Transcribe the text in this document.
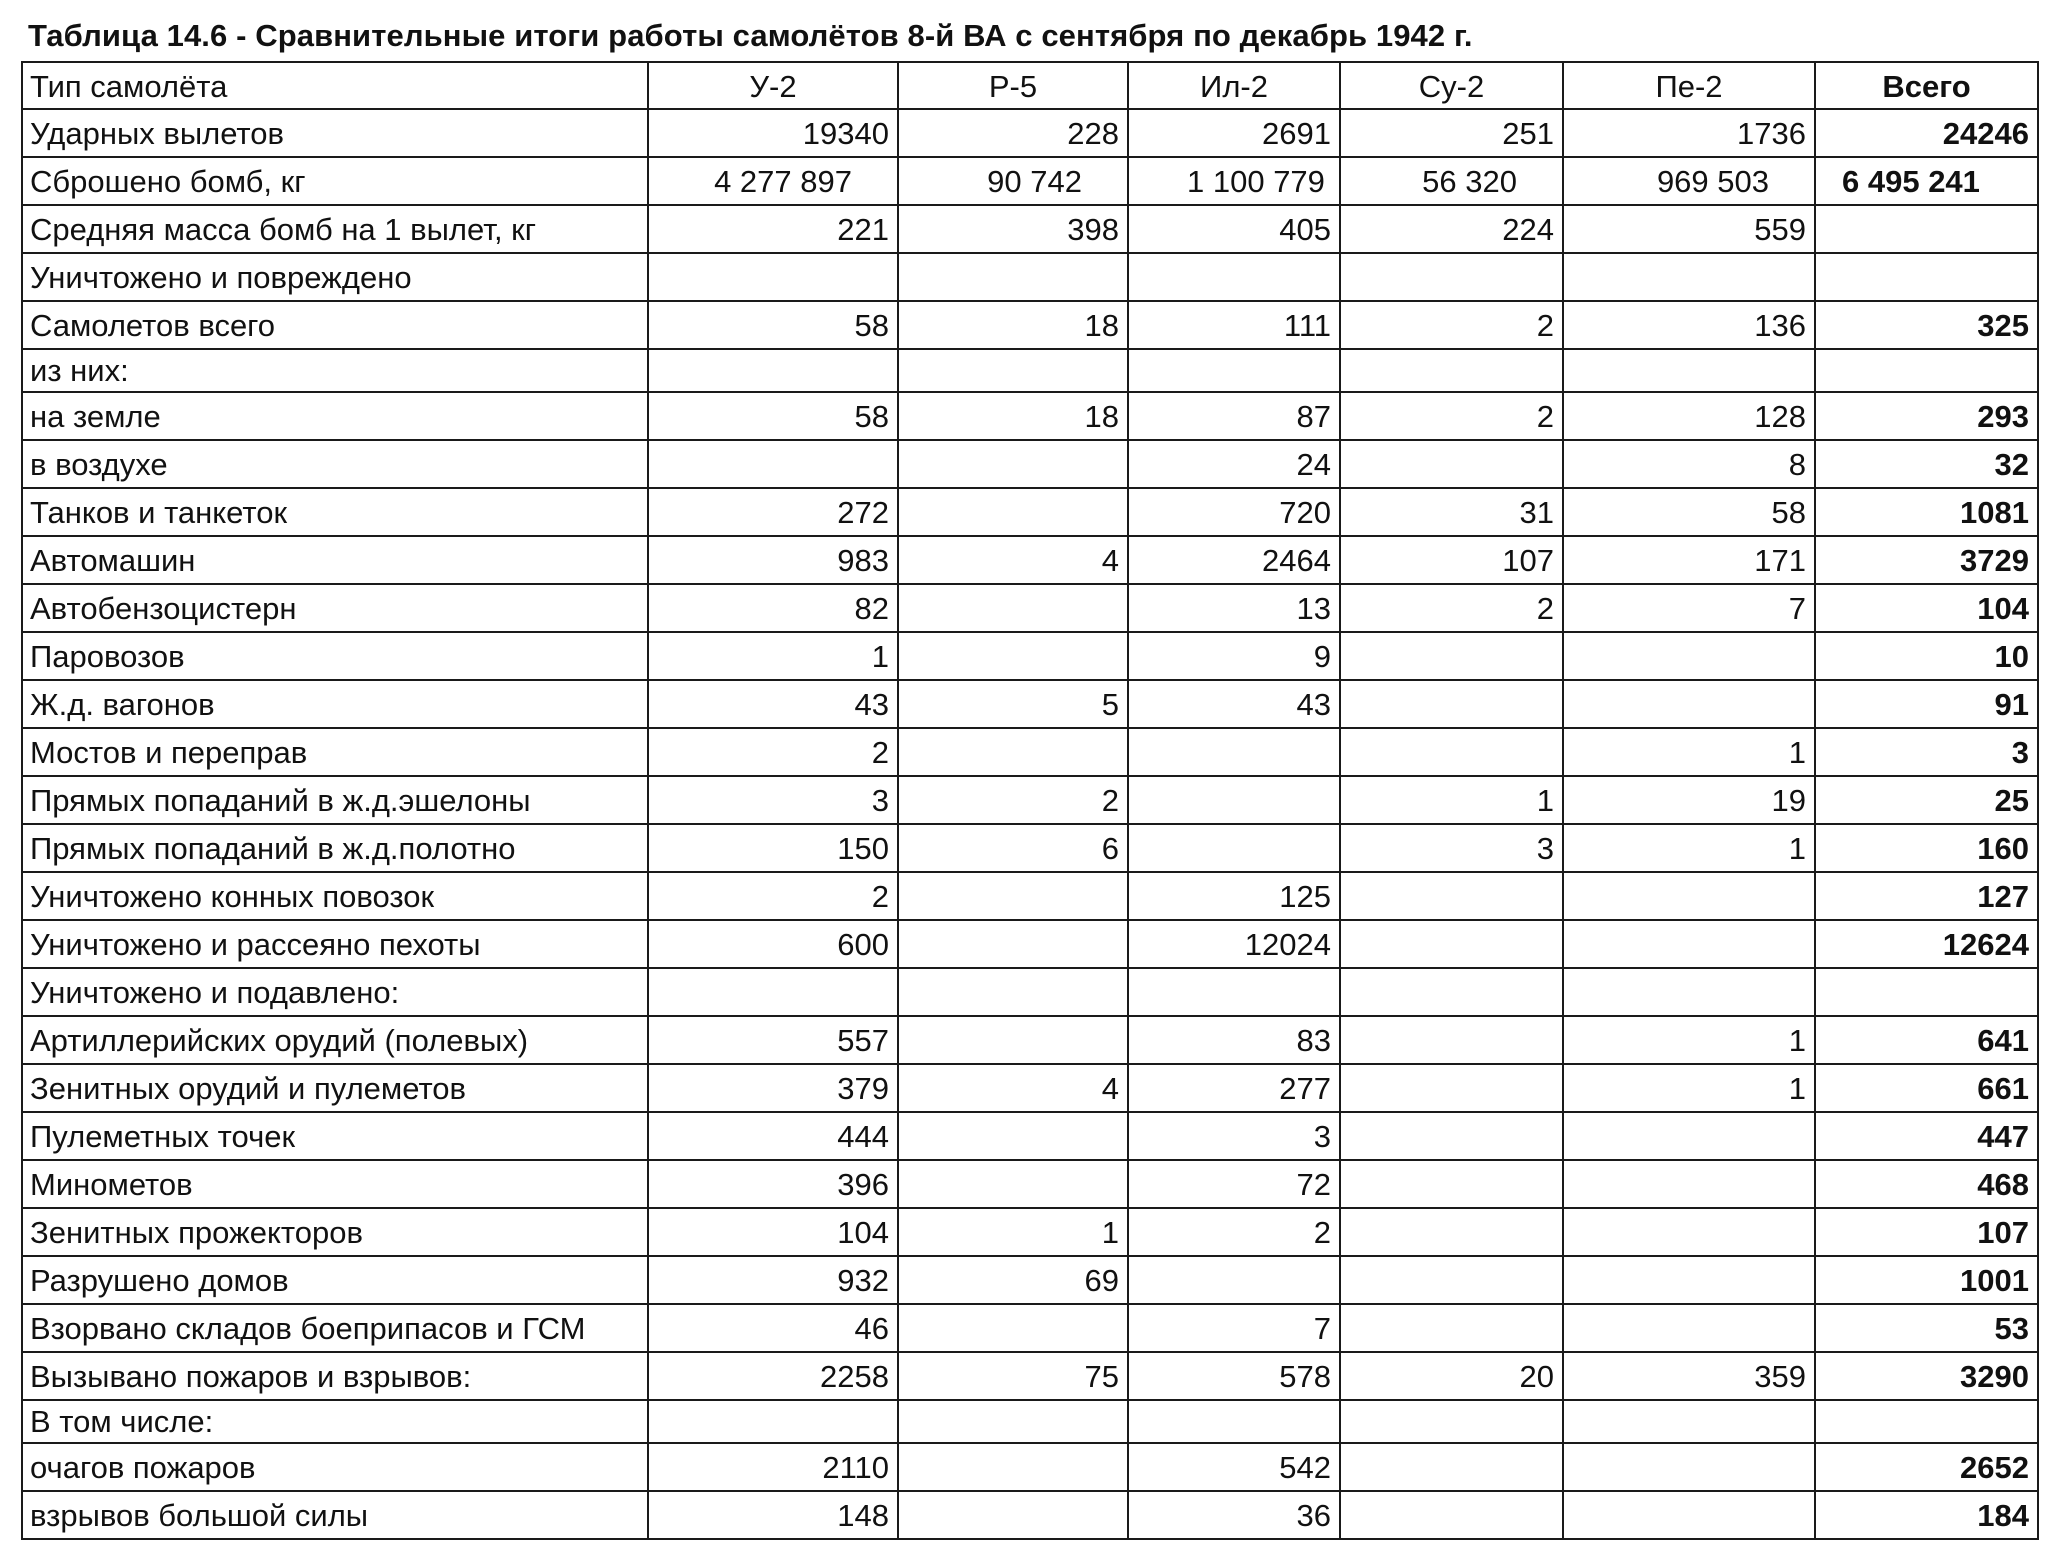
Таблица 14.6 - Сравнительные итоги работы самолётов 8-й ВА с сентября по декабрь 1942 г.
Тип самолёта	У-2	Р-5	Ил-2	Су-2	Пе-2	Всего
Ударных вылетов	19340	228	2691	251	1736	24246
Сброшено бомб, кг	4 277 897	90 742	1 100 779	56 320	969 503	6 495 241
Средняя масса бомб на 1 вылет, кг	221	398	405	224	559	
Уничтожено и повреждено						
Самолетов всего	58	18	111	2	136	325
из них:						
на земле	58	18	87	2	128	293
в воздухе			24		8	32
Танков и танкеток	272		720	31	58	1081
Автомашин	983	4	2464	107	171	3729
Автобензоцистерн	82		13	2	7	104
Паровозов	1		9			10
Ж.д. вагонов	43	5	43			91
Мостов и переправ	2				1	3
Прямых попаданий в ж.д.эшелоны	3	2		1	19	25
Прямых попаданий в ж.д.полотно	150	6		3	1	160
Уничтожено конных повозок	2		125			127
Уничтожено и рассеяно пехоты	600		12024			12624
Уничтожено и подавлено:						
Артиллерийских орудий (полевых)	557		83		1	641
Зенитных орудий и пулеметов	379	4	277		1	661
Пулеметных точек	444		3			447
Минометов	396		72			468
Зенитных прожекторов	104	1	2			107
Разрушено домов	932	69				1001
Взорвано складов боеприпасов и ГСМ	46		7			53
Вызывано пожаров и взрывов:	2258	75	578	20	359	3290
В том числе:						
очагов пожаров	2110		542			2652
взрывов большой силы	148		36			184
